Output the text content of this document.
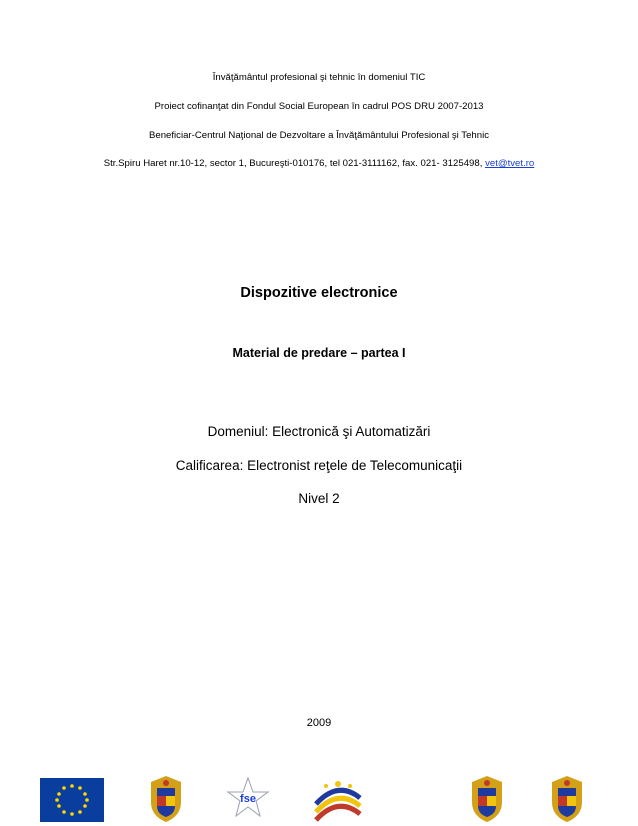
Învăţământul profesional şi tehnic în domeniul TIC
Proiect cofinanţat din Fondul Social European în cadrul POS DRU 2007-2013
Beneficiar-Centrul Naţional de Dezvoltare a Învăţământului Profesional şi Tehnic
Str.Spiru Haret nr.10-12, sector 1, Bucureşti-010176, tel 021-3111162, fax. 021- 3125498, vet@tvet.ro
Dispozitive electronice
Material de predare – partea I
Domeniul: Electronică şi Automatizări
Calificarea: Electronist reţele de Telecomunicaţii
Nivel 2
2009
fse
